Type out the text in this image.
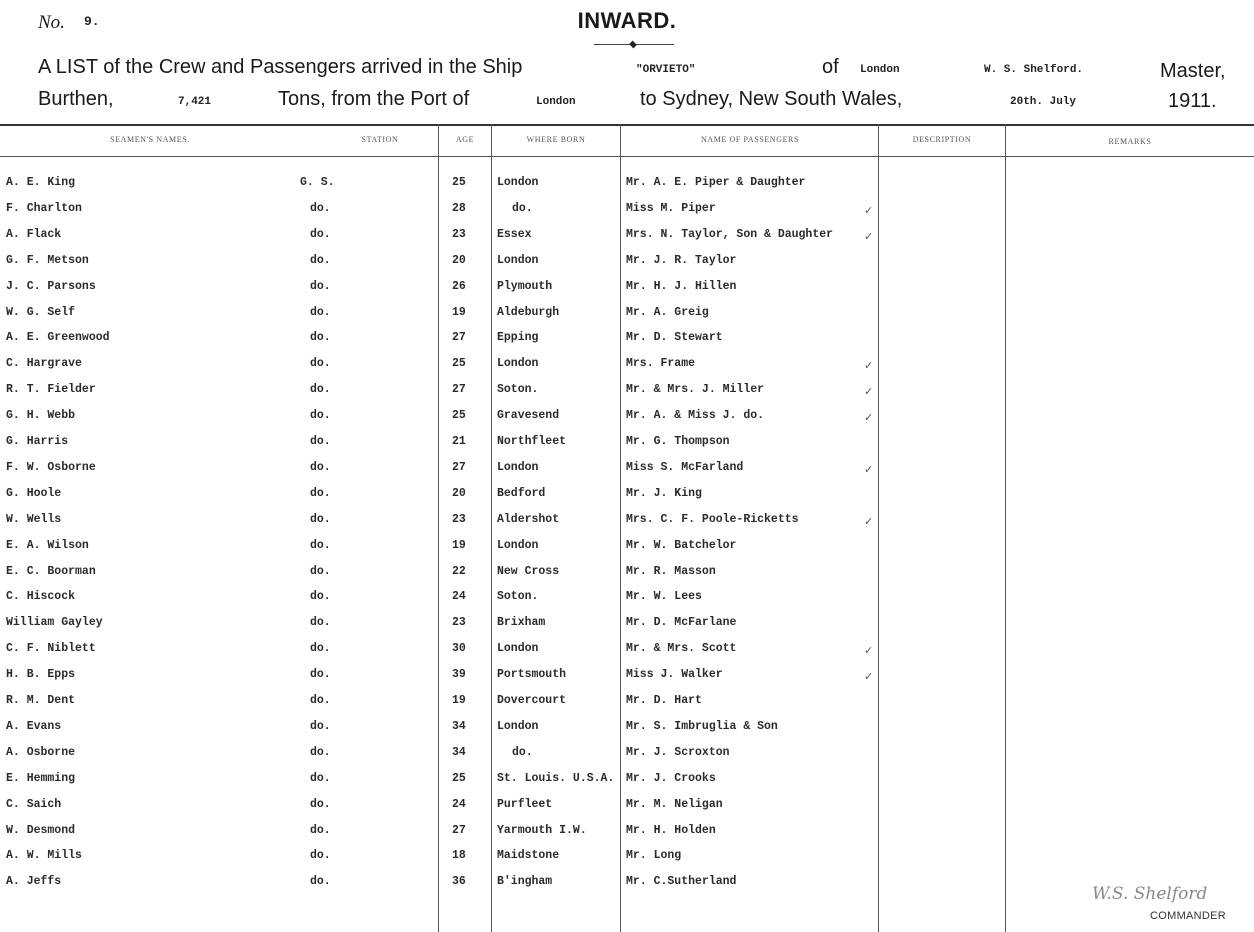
No. 9.	INWARD.
A LIST of the Crew and Passengers arrived in the Ship	"ORVIETO"	of London	W. S. Shelford.	Master,
Burthen,	7,421	Tons, from the Port of	London	to Sydney, New South Wales,	20th. July	1911.
SEAMEN'S NAMES.	STATION	AGE	WHERE BORN	NAME OF PASSENGERS	DESCRIPTION	REMARKS
A. E. King	G. S.	25	London	Mr. A. E. Piper & Daughter
F. Charlton	do.	28	do.	Miss M. Piper	✓
A. Flack	do.	23	Essex	Mrs. N. Taylor, Son & Daughter	✓
G. F. Metson	do.	20	London	Mr. J. R. Taylor
J. C. Parsons	do.	26	Plymouth	Mr. H. J. Hillen
W. G. Self	do.	19	Aldeburgh	Mr. A. Greig
A. E. Greenwood	do.	27	Epping	Mr. D. Stewart
C. Hargrave	do.	25	London	Mrs. Frame	✓
R. T. Fielder	do.	27	Soton.	Mr. & Mrs. J. Miller	✓
G. H. Webb	do.	25	Gravesend	Mr. A. & Miss J. do.	✓
G. Harris	do.	21	Northfleet	Mr. G. Thompson
F. W. Osborne	do.	27	London	Miss S. McFarland	✓
G. Hoole	do.	20	Bedford	Mr. J. King
W. Wells	do.	23	Aldershot	Mrs. C. F. Poole-Ricketts	✓
E. A. Wilson	do.	19	London	Mr. W. Batchelor
E. C. Boorman	do.	22	New Cross	Mr. R. Masson
C. Hiscock	do.	24	Soton.	Mr. W. Lees
William Gayley	do.	23	Brixham	Mr. D. McFarlane
C. F. Niblett	do.	30	London	Mr. & Mrs. Scott	✓
H. B. Epps	do.	39	Portsmouth	Miss J. Walker	✓
R. M. Dent	do.	19	Dovercourt	Mr. D. Hart
A. Evans	do.	34	London	Mr. S. Imbruglia & Son
A. Osborne	do.	34	do.	Mr. J. Scroxton
E. Hemming	do.	25	St. Louis. U.S.A. Mr. J. Crooks
C. Saich	do.	24	Purfleet	Mr. M. Neligan
W. Desmond	do.	27	Yarmouth I.W.	Mr. H. Holden
A. W. Mills	do.	18	Maidstone	Mr. Long
A. Jeffs	do.	36	B'ingham	Mr. C.Sutherland
W.S. Shelford
COMMANDER
